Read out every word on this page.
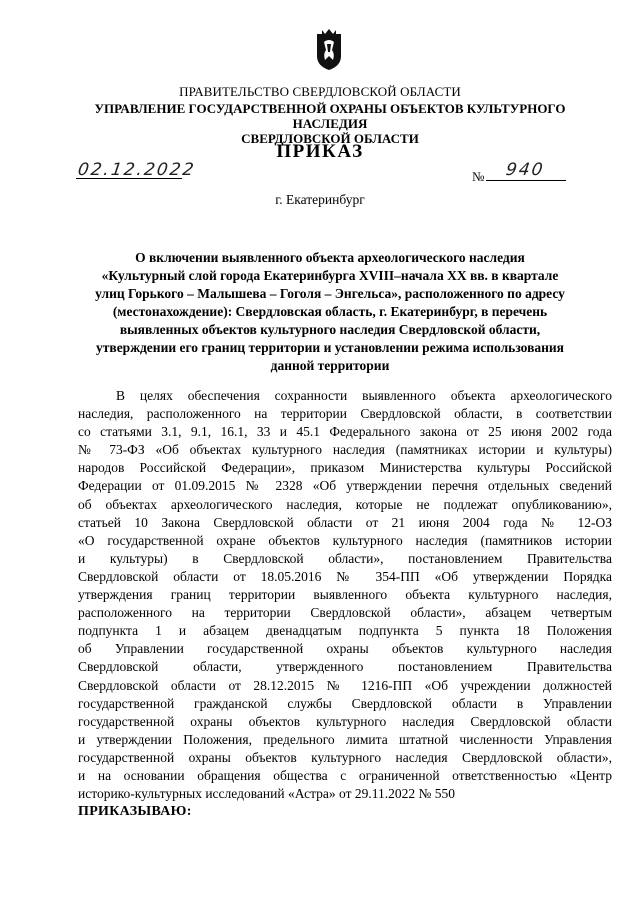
ПРАВИТЕЛЬСТВО СВЕРДЛОВСКОЙ ОБЛАСТИ
УПРАВЛЕНИЕ ГОСУДАРСТВЕННОЙ ОХРАНЫ ОБЪЕКТОВ КУЛЬТУРНОГО НАСЛЕДИЯ
СВЕРДЛОВСКОЙ ОБЛАСТИ
ПРИКАЗ
02.12.2022	№ 940
г. Екатеринбург
О включении выявленного объекта археологического наследия
«Культурный слой города Екатеринбурга XVIII–начала XX вв. в квартале
улиц Горького – Малышева – Гоголя – Энгельса», расположенного по адресу
(местонахождение): Свердловская область, г. Екатеринбург, в перечень
выявленных объектов культурного наследия Свердловской области,
утверждении его границ территории и установлении режима использования
данной территории
В целях обеспечения сохранности выявленного объекта археологического
наследия, расположенного на территории Свердловской области, в соответствии
со статьями 3.1, 9.1, 16.1, 33 и 45.1 Федерального закона от 25 июня 2002 года
№ 73-ФЗ «Об объектах культурного наследия (памятниках истории и культуры)
народов Российской Федерации», приказом Министерства культуры Российской
Федерации от 01.09.2015 № 2328 «Об утверждении перечня отдельных сведений
об объектах археологического наследия, которые не подлежат опубликованию»,
статьей 10 Закона Свердловской области от 21 июня 2004 года № 12-ОЗ
«О государственной охране объектов культурного наследия (памятников истории
и культуры) в Свердловской области», постановлением Правительства
Свердловской области от 18.05.2016 № 354-ПП «Об утверждении Порядка
утверждения границ территории выявленного объекта культурного наследия,
расположенного на территории Свердловской области», абзацем четвертым
подпункта 1 и абзацем двенадцатым подпункта 5 пункта 18 Положения
об Управлении государственной охраны объектов культурного наследия
Свердловской области, утвержденного постановлением Правительства
Свердловской области от 28.12.2015 № 1216-ПП «Об учреждении должностей
государственной гражданской службы Свердловской области в Управлении
государственной охраны объектов культурного наследия Свердловской области
и утверждении Положения, предельного лимита штатной численности Управления
государственной охраны объектов культурного наследия Свердловской области»,
и на основании обращения общества с ограниченной ответственностью «Центр
историко-культурных исследований «Астра» от 29.11.2022 № 550
ПРИКАЗЫВАЮ:
